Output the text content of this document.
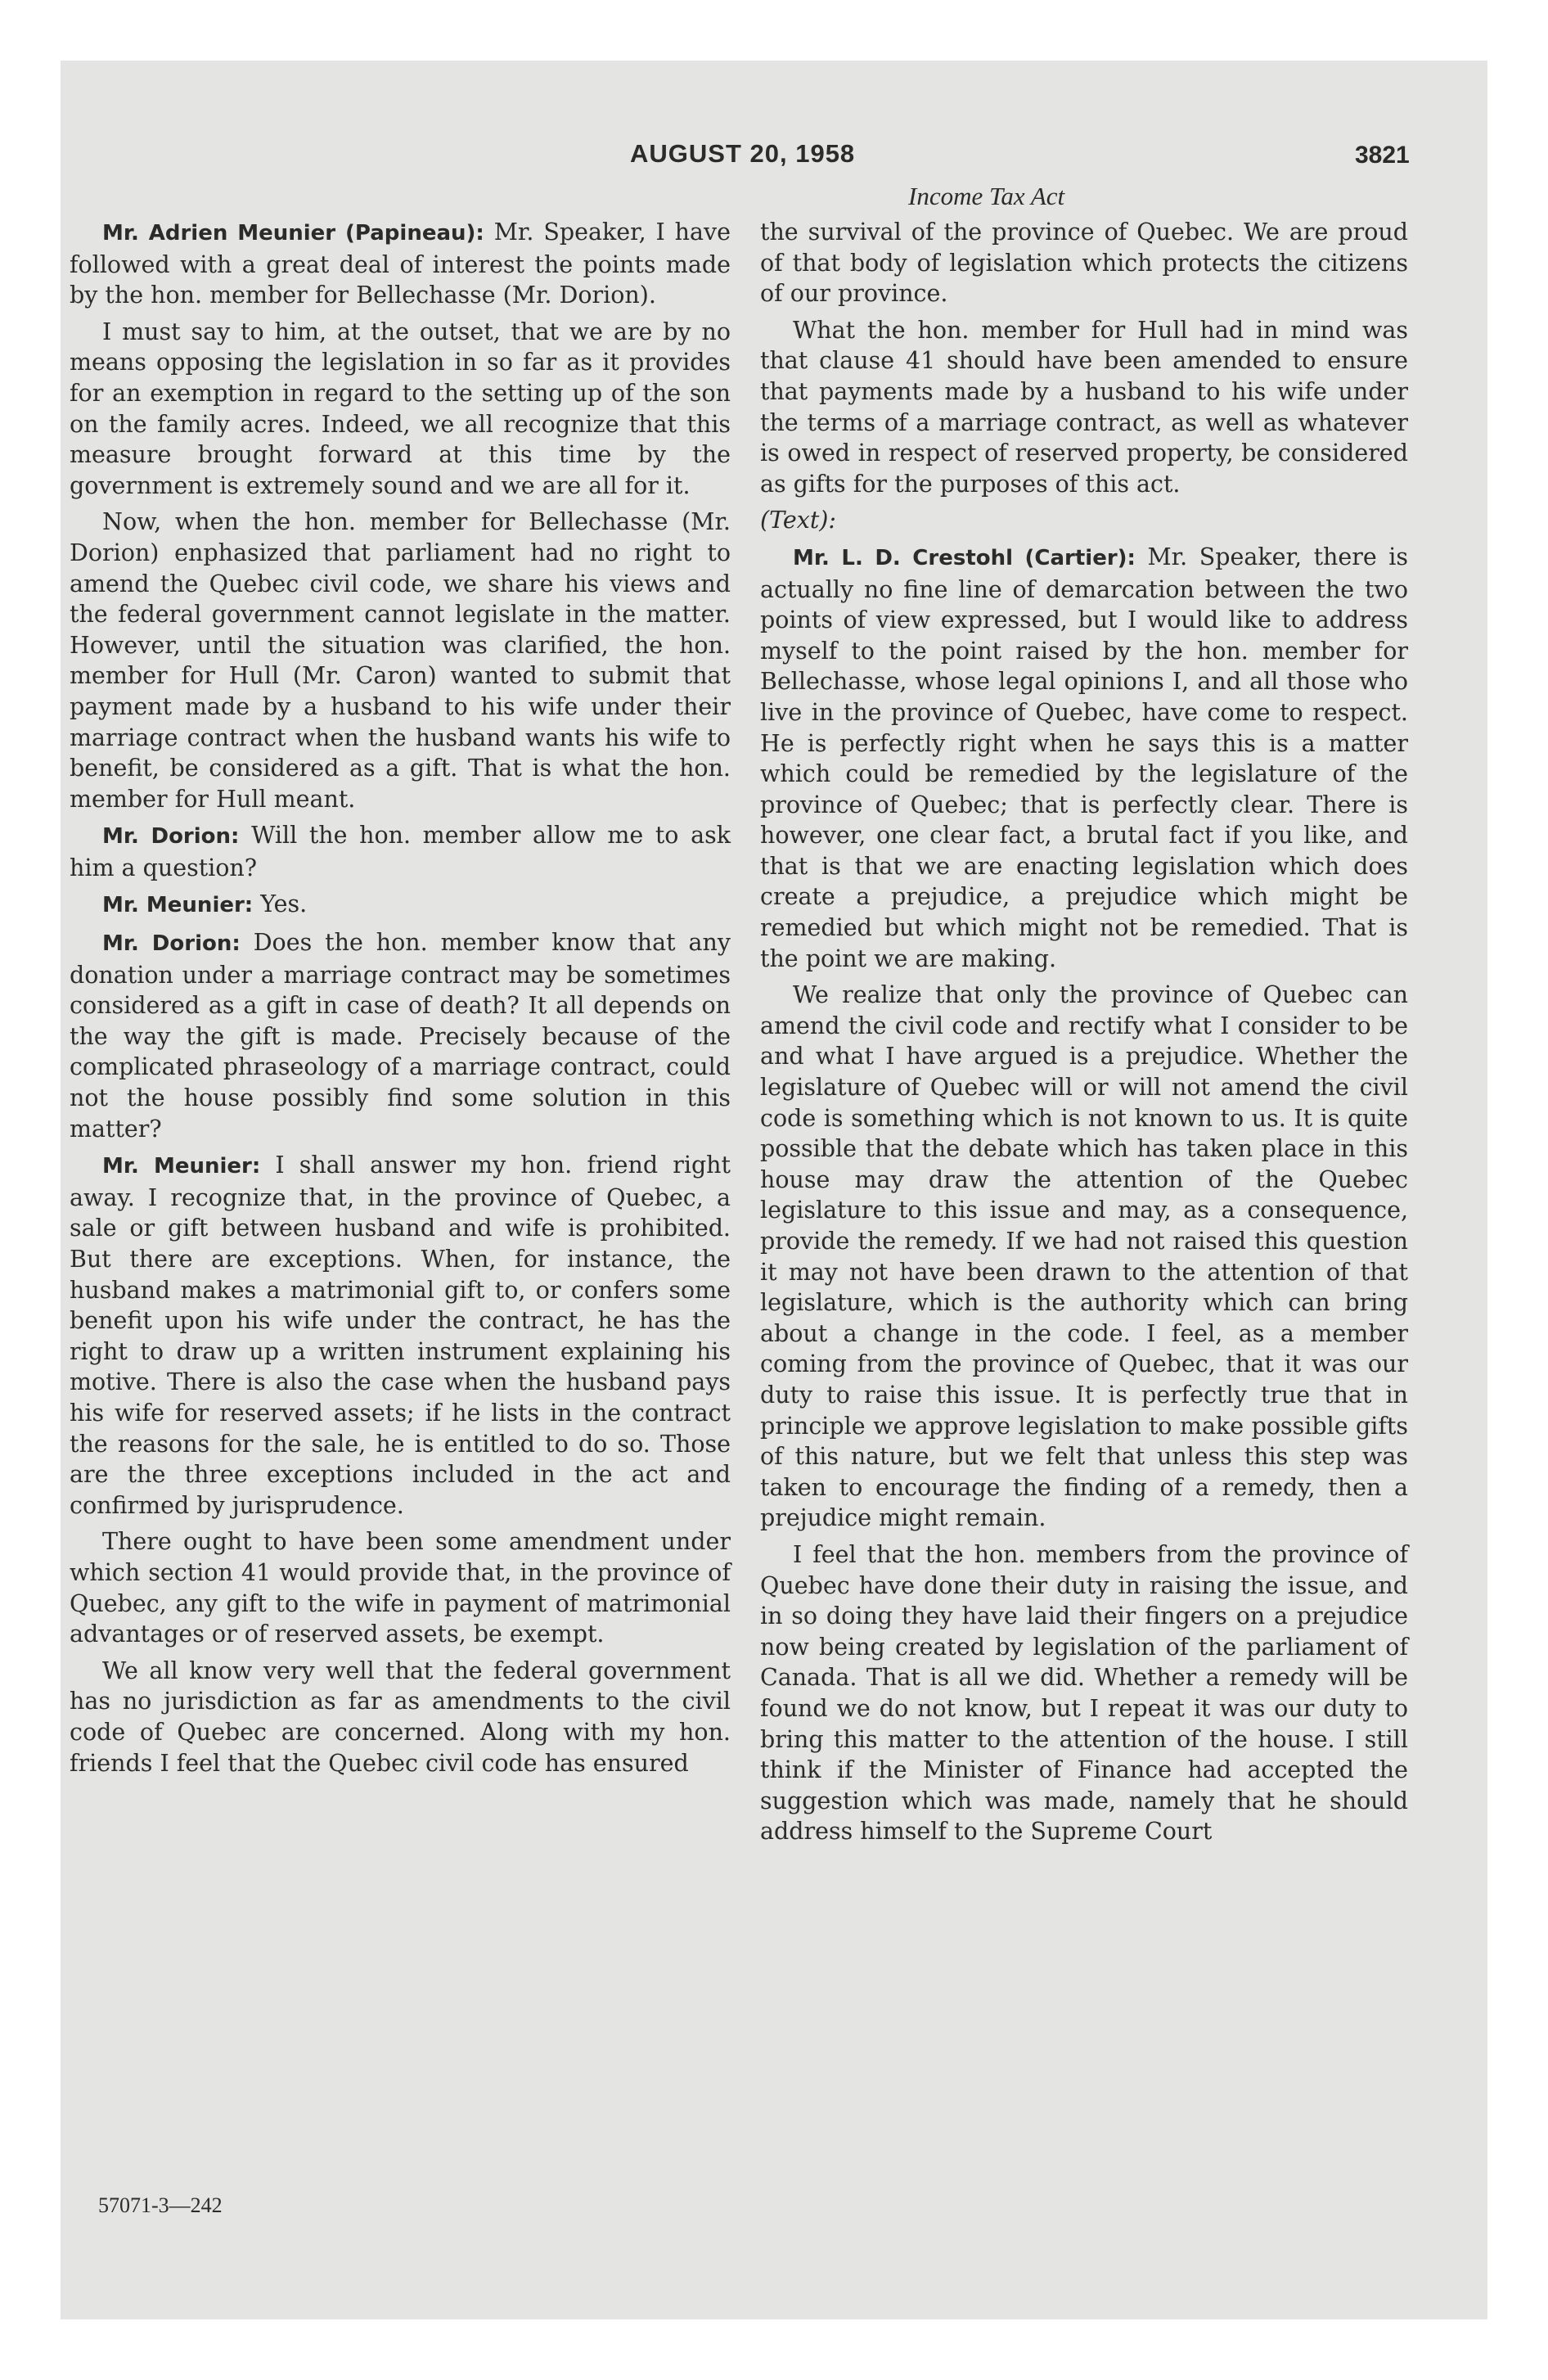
AUGUST 20, 1958	3821
Income Tax Act

Mr. Adrien Meunier (Papineau): Mr. Speaker, I have followed with a great deal of interest the points made by the hon. member for Bellechasse (Mr. Dorion).

I must say to him, at the outset, that we are by no means opposing the legislation in so far as it provides for an exemption in regard to the setting up of the son on the family acres. Indeed, we all recognize that this measure brought forward at this time by the government is extremely sound and we are all for it.

Now, when the hon. member for Bellechasse (Mr. Dorion) enphasized that parliament had no right to amend the Quebec civil code, we share his views and the federal government cannot legislate in the matter. However, until the situation was clarified, the hon. member for Hull (Mr. Caron) wanted to submit that payment made by a husband to his wife under their marriage contract when the husband wants his wife to benefit, be considered as a gift. That is what the hon. member for Hull meant.

Mr. Dorion: Will the hon. member allow me to ask him a question?

Mr. Meunier: Yes.

Mr. Dorion: Does the hon. member know that any donation under a marriage contract may be sometimes considered as a gift in case of death? It all depends on the way the gift is made. Precisely because of the complicated phraseology of a marriage contract, could not the house possibly find some solution in this matter?

Mr. Meunier: I shall answer my hon. friend right away. I recognize that, in the province of Quebec, a sale or gift between husband and wife is prohibited. But there are exceptions. When, for instance, the husband makes a matrimonial gift to, or confers some benefit upon his wife under the contract, he has the right to draw up a written instrument explaining his motive. There is also the case when the husband pays his wife for reserved assets; if he lists in the contract the reasons for the sale, he is entitled to do so. Those are the three exceptions included in the act and confirmed by jurisprudence.

There ought to have been some amendment under which section 41 would provide that, in the province of Quebec, any gift to the wife in payment of matrimonial advantages or of reserved assets, be exempt.

We all know very well that the federal government has no jurisdiction as far as amendments to the civil code of Quebec are concerned. Along with my hon. friends I feel that the Quebec civil code has ensured

the survival of the province of Quebec. We are proud of that body of legislation which protects the citizens of our province.

What the hon. member for Hull had in mind was that clause 41 should have been amended to ensure that payments made by a husband to his wife under the terms of a marriage contract, as well as whatever is owed in respect of reserved property, be considered as gifts for the purposes of this act.

(Text):

Mr. L. D. Crestohl (Cartier): Mr. Speaker, there is actually no fine line of demarcation between the two points of view expressed, but I would like to address myself to the point raised by the hon. member for Bellechasse, whose legal opinions I, and all those who live in the province of Quebec, have come to respect. He is perfectly right when he says this is a matter which could be remedied by the legislature of the province of Quebec; that is perfectly clear. There is however, one clear fact, a brutal fact if you like, and that is that we are enacting legislation which does create a prejudice, a prejudice which might be remedied but which might not be remedied. That is the point we are making.

We realize that only the province of Quebec can amend the civil code and rectify what I consider to be and what I have argued is a prejudice. Whether the legislature of Quebec will or will not amend the civil code is something which is not known to us. It is quite possible that the debate which has taken place in this house may draw the attention of the Quebec legislature to this issue and may, as a consequence, provide the remedy. If we had not raised this question it may not have been drawn to the attention of that legislature, which is the authority which can bring about a change in the code. I feel, as a member coming from the province of Quebec, that it was our duty to raise this issue. It is perfectly true that in principle we approve legislation to make possible gifts of this nature, but we felt that unless this step was taken to encourage the finding of a remedy, then a prejudice might remain.

I feel that the hon. members from the province of Quebec have done their duty in raising the issue, and in so doing they have laid their fingers on a prejudice now being created by legislation of the parliament of Canada. That is all we did. Whether a remedy will be found we do not know, but I repeat it was our duty to bring this matter to the attention of the house. I still think if the Minister of Finance had accepted the suggestion which was made, namely that he should address himself to the Supreme Court

57071-3—242
